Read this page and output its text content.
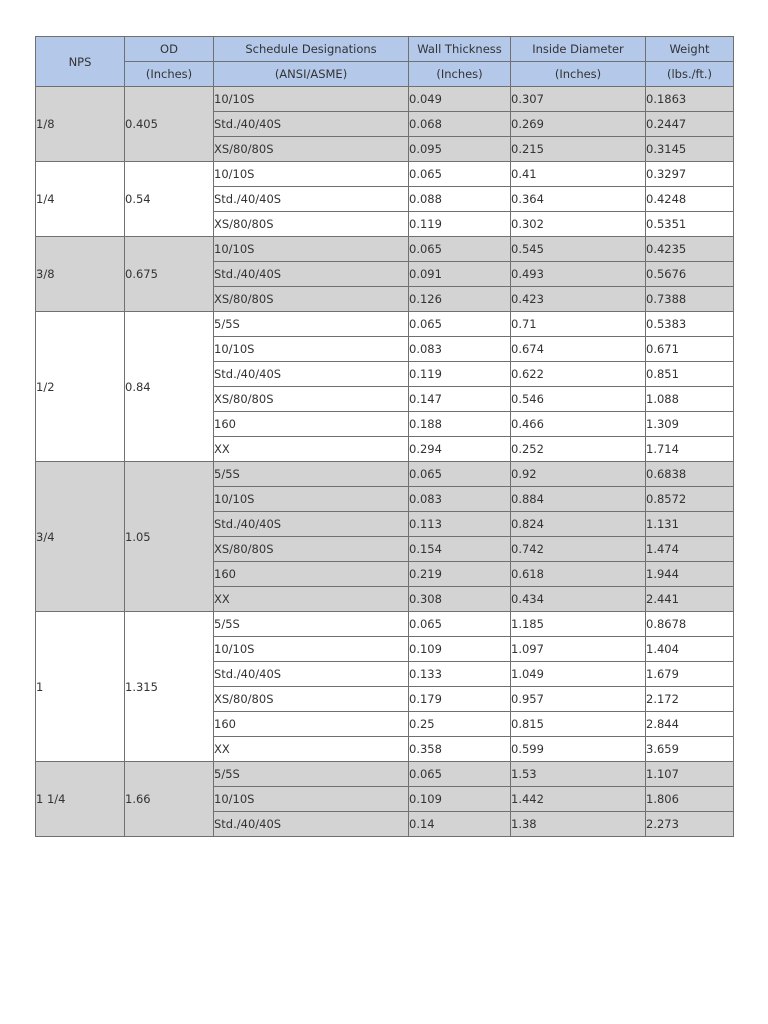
NPS	OD	Schedule Designations	Wall Thickness	Inside Diameter	Weight
	(Inches)	(ANSI/ASME)	(Inches)	(Inches)	(lbs./ft.)
1/8	0.405	10/10S	0.049	0.307	0.1863
		Std./40/40S	0.068	0.269	0.2447
		XS/80/80S	0.095	0.215	0.3145
1/4	0.54	10/10S	0.065	0.41	0.3297
		Std./40/40S	0.088	0.364	0.4248
		XS/80/80S	0.119	0.302	0.5351
3/8	0.675	10/10S	0.065	0.545	0.4235
		Std./40/40S	0.091	0.493	0.5676
		XS/80/80S	0.126	0.423	0.7388
1/2	0.84	5/5S	0.065	0.71	0.5383
		10/10S	0.083	0.674	0.671
		Std./40/40S	0.119	0.622	0.851
		XS/80/80S	0.147	0.546	1.088
		160	0.188	0.466	1.309
		XX	0.294	0.252	1.714
3/4	1.05	5/5S	0.065	0.92	0.6838
		10/10S	0.083	0.884	0.8572
		Std./40/40S	0.113	0.824	1.131
		XS/80/80S	0.154	0.742	1.474
		160	0.219	0.618	1.944
		XX	0.308	0.434	2.441
1	1.315	5/5S	0.065	1.185	0.8678
		10/10S	0.109	1.097	1.404
		Std./40/40S	0.133	1.049	1.679
		XS/80/80S	0.179	0.957	2.172
		160	0.25	0.815	2.844
		XX	0.358	0.599	3.659
1 1/4	1.66	5/5S	0.065	1.53	1.107
		10/10S	0.109	1.442	1.806
		Std./40/40S	0.14	1.38	2.273
